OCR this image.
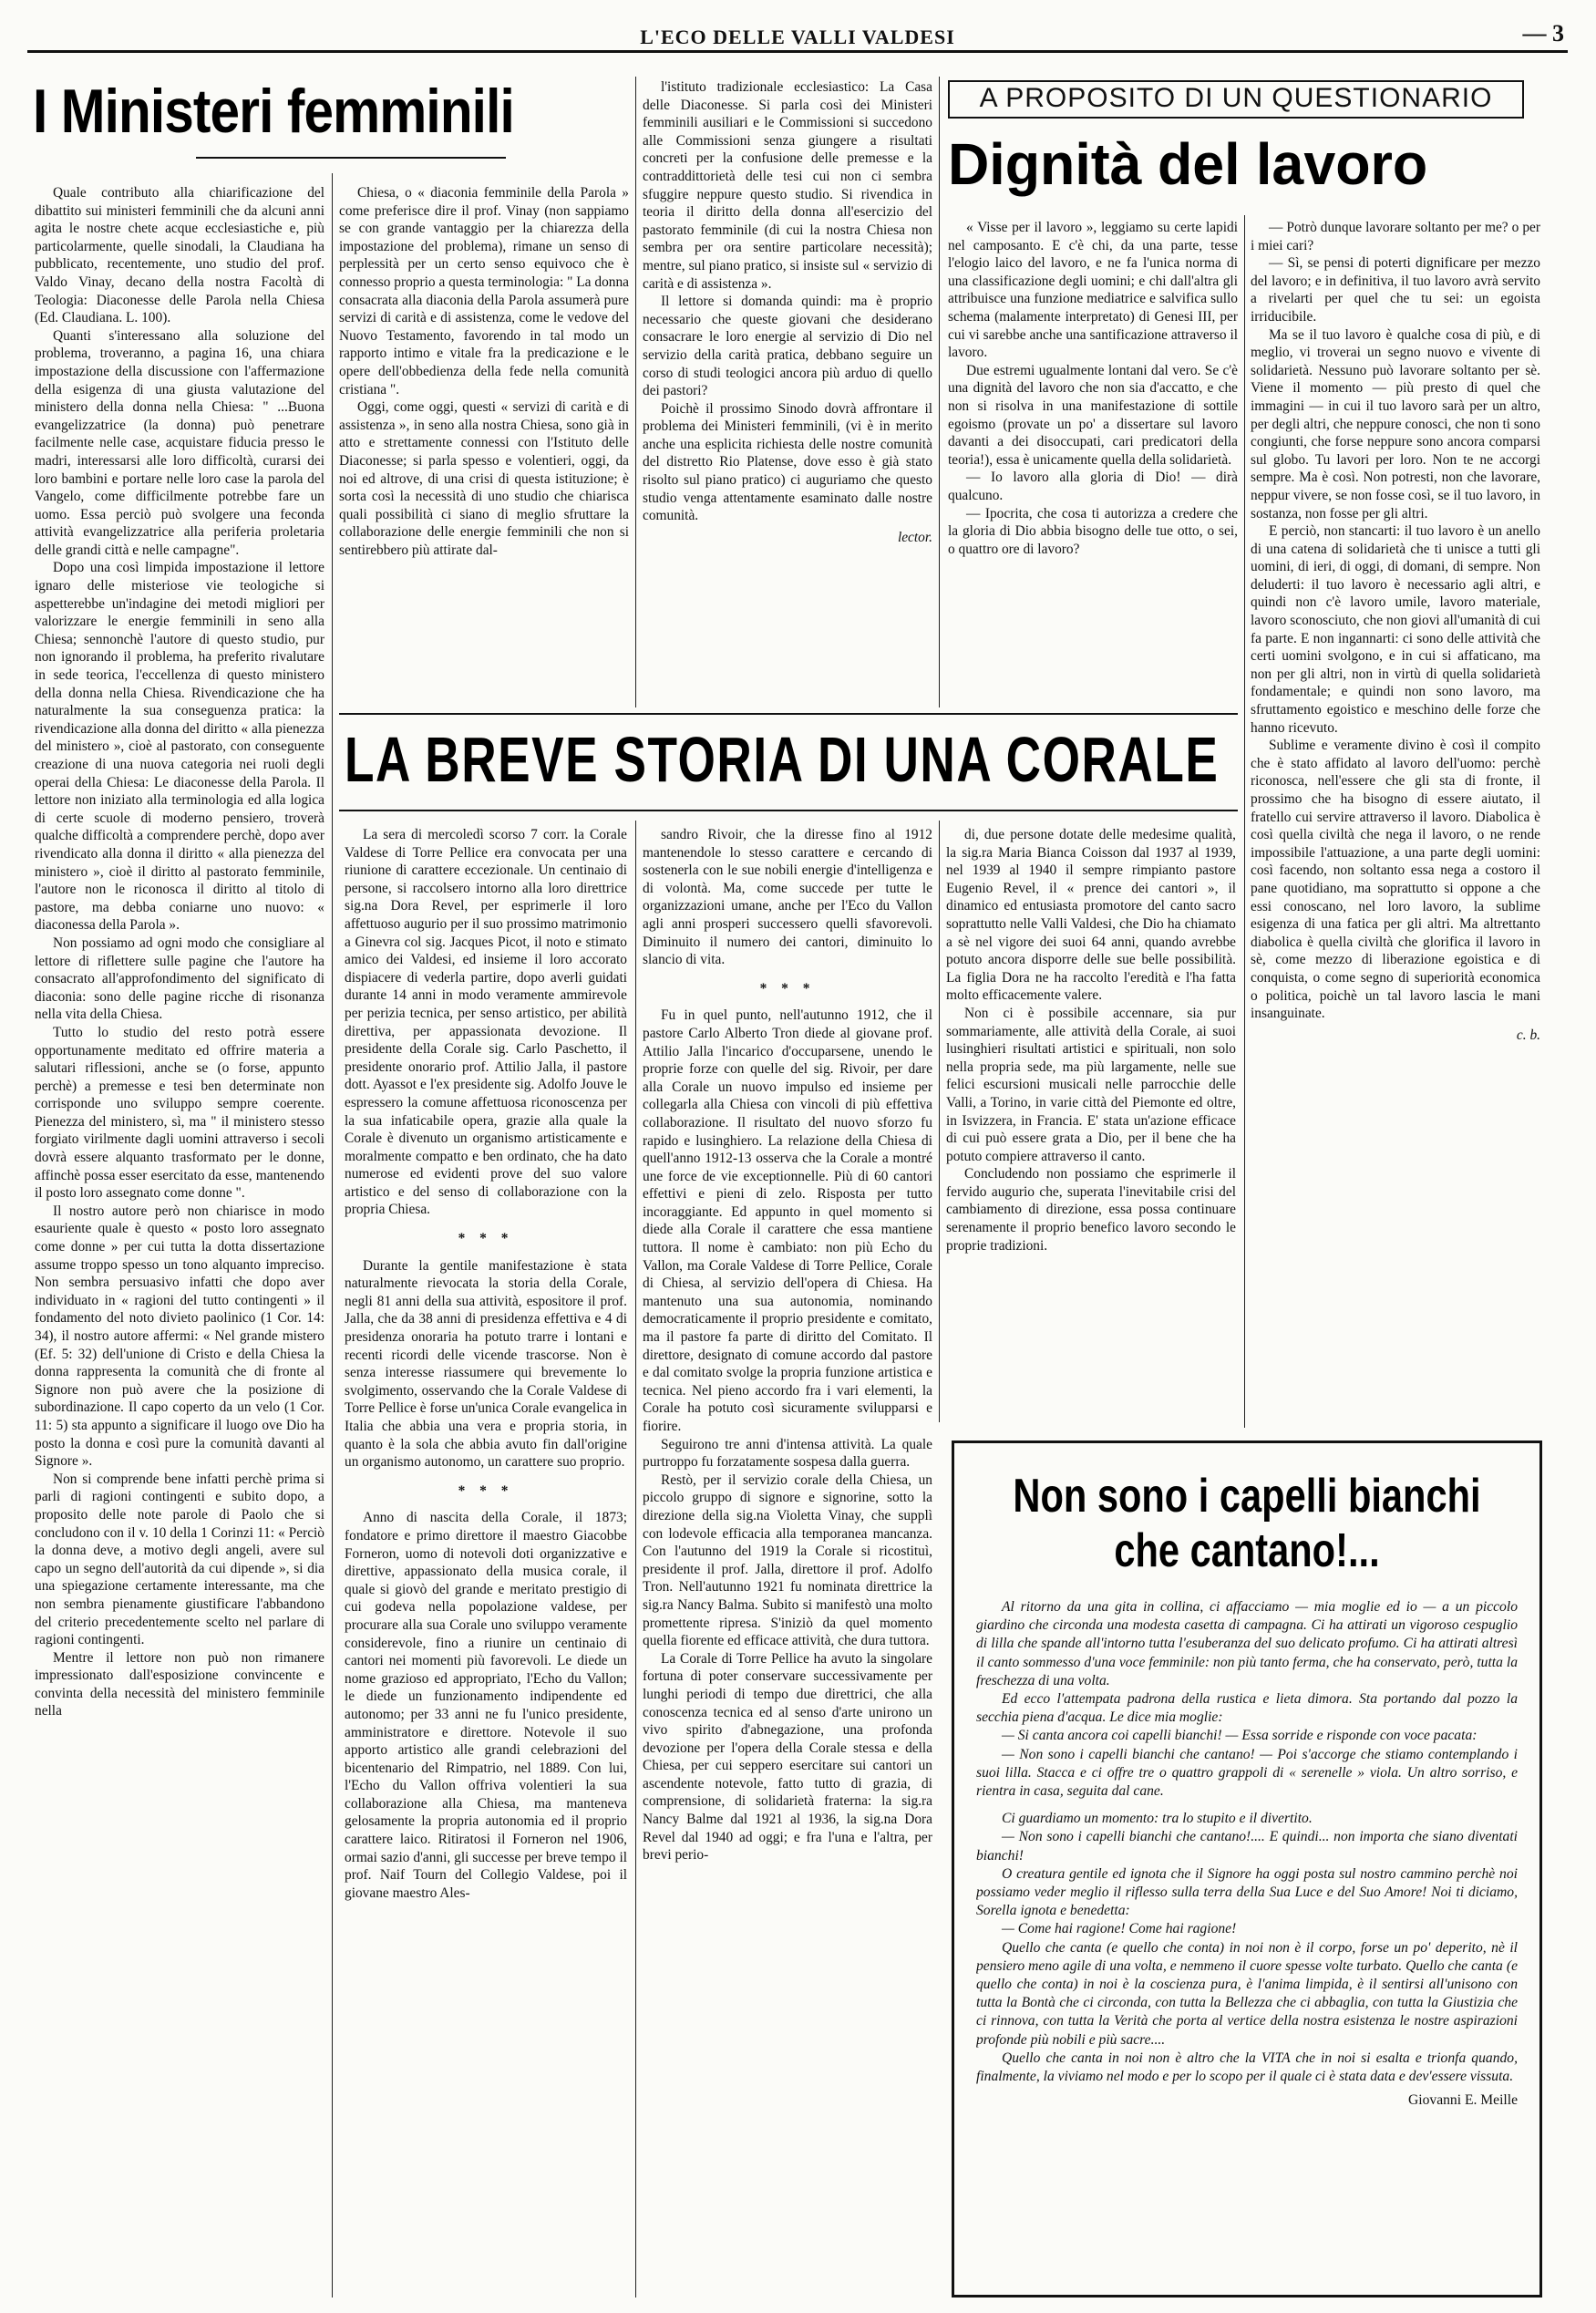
L'ECO DELLE VALLI VALDESI	— 3
I Ministeri femminili

Quale contributo alla chiarificazione del dibattito sui ministeri femminili che da alcuni anni agita le nostre chete acque ecclesiastiche e, più particolarmente, quelle sinodali, la Claudiana ha pubblicato, recentemente, uno studio del prof. Valdo Vinay, decano della nostra Facoltà di Teologia: Diaconesse delle Parola nella Chiesa (Ed. Claudiana. L. 100).

Quanti s'interessano alla soluzione del problema, troveranno, a pagina 16, una chiara impostazione della discussione con l'affermazione della esigenza di una giusta valutazione del ministero della donna nella Chiesa: " ...Buona evangelizzatrice (la donna) può penetrare facilmente nelle case, acquistare fiducia presso le madri, interessarsi alle loro difficoltà, curarsi dei loro bambini e portare nelle loro case la parola del Vangelo, come difficilmente potrebbe fare un uomo. Essa perciò può svolgere una feconda attività evangelizzatrice alla periferia proletaria delle grandi città e nelle campagne".

Dopo una così limpida impostazione il lettore ignaro delle misteriose vie teologiche si aspetterebbe un'indagine dei metodi migliori per valorizzare le energie femminili in seno alla Chiesa; sennonchè l'autore di questo studio, pur non ignorando il problema, ha preferito rivalutare in sede teorica, l'eccellenza di questo ministero della donna nella Chiesa. Rivendicazione che ha naturalmente la sua conseguenza pratica: la rivendicazione alla donna del diritto « alla pienezza del ministero », cioè al pastorato, con conseguente creazione di una nuova categoria nei ruoli degli operai della Chiesa: Le diaconesse della Parola. Il lettore non iniziato alla terminologia ed alla logica di certe scuole di moderno pensiero, troverà qualche difficoltà a comprendere perchè, dopo aver rivendicato alla donna il diritto « alla pienezza del ministero », cioè il diritto al pastorato femminile, l'autore non le riconosca il diritto al titolo di pastore, ma debba coniarne uno nuovo: « diaconessa della Parola ».

Non possiamo ad ogni modo che consigliare al lettore di riflettere sulle pagine che l'autore ha consacrato all'approfondimento del significato di diaconia: sono delle pagine ricche di risonanza nella vita della Chiesa.

Tutto lo studio del resto potrà essere opportunamente meditato ed offrire materia a salutari riflessioni, anche se (o forse, appunto perchè) a premesse e tesi ben determinate non corrisponde uno sviluppo sempre coerente. Pienezza del ministero, sì, ma " il ministero stesso forgiato virilmente dagli uomini attraverso i secoli dovrà essere alquanto trasformato per le donne, affinchè possa esser esercitato da esse, mantenendo il posto loro assegnato come donne ".

Il nostro autore però non chiarisce in modo esauriente quale è questo « posto loro assegnato come donne » per cui tutta la dotta dissertazione assume troppo spesso un tono alquanto impreciso. Non sembra persuasivo infatti che dopo aver individuato in « ragioni del tutto contingenti » il fondamento del noto divieto paolinico (1 Cor. 14: 34), il nostro autore affermi: « Nel grande mistero (Ef. 5: 32) dell'unione di Cristo e della Chiesa la donna rappresenta la comunità che di fronte al Signore non può avere che la posizione di subordinazione. Il capo coperto da un velo (1 Cor. 11: 5) sta appunto a significare il luogo ove Dio ha posto la donna e così pure la comunità davanti al Signore ».

Non si comprende bene infatti perchè prima si parli di ragioni contingenti e subito dopo, a proposito delle note parole di Paolo che si concludono con il v. 10 della 1 Corinzi 11: « Perciò la donna deve, a motivo degli angeli, avere sul capo un segno dell'autorità da cui dipende », si dia una spiegazione certamente interessante, ma che non sembra pienamente giustificare l'abbandono del criterio precedentemente scelto nel parlare di ragioni contingenti.

Mentre il lettore non può non rimanere impressionato dall'esposizione convincente e convinta della necessità del ministero femminile nella

Chiesa, o « diaconia femminile della Parola » come preferisce dire il prof. Vinay (non sappiamo se con grande vantaggio per la chiarezza della impostazione del problema), rimane un senso di perplessità per un certo senso equivoco che è connesso proprio a questa terminologia: " La donna consacrata alla diaconia della Parola assumerà pure servizi di carità e di assistenza, come le vedove del Nuovo Testamento, favorendo in tal modo un rapporto intimo e vitale fra la predicazione e le opere dell'obbedienza della fede nella comunità cristiana ".

Oggi, come oggi, questi « servizi di carità e di assistenza », in seno alla nostra Chiesa, sono già in atto e strettamente connessi con l'Istituto delle Diaconesse; si parla spesso e volentieri, oggi, da noi ed altrove, di una crisi di questa istituzione; è sorta così la necessità di uno studio che chiarisca quali possibilità ci siano di meglio sfruttare la collaborazione delle energie femminili che non si sentirebbero più attirate dal-

l'istituto tradizionale ecclesiastico: La Casa delle Diaconesse. Si parla così dei Ministeri femminili ausiliari e le Commissioni si succedono alle Commissioni senza giungere a risultati concreti per la confusione delle premesse e la contraddittorietà delle tesi cui non ci sembra sfuggire neppure questo studio. Si rivendica in teoria il diritto della donna all'esercizio del pastorato femminile (di cui la nostra Chiesa non sembra per ora sentire particolare necessità); mentre, sul piano pratico, si insiste sul « servizio di carità e di assistenza ».

Il lettore si domanda quindi: ma è proprio necessario che queste giovani che desiderano consacrare le loro energie al servizio di Dio nel servizio della carità pratica, debbano seguire un corso di studi teologici ancora più arduo di quello dei pastori?

Poichè il prossimo Sinodo dovrà affrontare il problema dei Ministeri femminili, (vi è in merito anche una esplicita richiesta delle nostre comunità del distretto Rio Platense, dove esso è già stato risolto sul piano pratico) ci auguriamo che questo studio venga attentamente esaminato dalle nostre comunità.

lector.

A PROPOSITO DI UN QUESTIONARIO
Dignità del lavoro

« Visse per il lavoro », leggiamo su certe lapidi nel camposanto. E c'è chi, da una parte, tesse l'elogio laico del lavoro, e ne fa l'unica norma di una classificazione degli uomini; e chi dall'altra gli attribuisce una funzione mediatrice e salvifica sullo schema (malamente interpretato) di Genesi III, per cui vi sarebbe anche una santificazione attraverso il lavoro.

Due estremi ugualmente lontani dal vero. Se c'è una dignità del lavoro che non sia d'accatto, e che non si risolva in una manifestazione di sottile egoismo (provate un po' a dissertare sul lavoro davanti a dei disoccupati, cari predicatori della teoria!), essa è unicamente quella della solidarietà.

— Io lavoro alla gloria di Dio! — dirà qualcuno.

— Ipocrita, che cosa ti autorizza a credere che la gloria di Dio abbia bisogno delle tue otto, o sei, o quattro ore di lavoro?

— Potrò dunque lavorare soltanto per me? o per i miei cari?

— Sì, se pensi di poterti dignificare per mezzo del lavoro; e in definitiva, il tuo lavoro avrà servito a rivelarti per quel che tu sei: un egoista irriducibile.

Ma se il tuo lavoro è qualche cosa di più, e di meglio, vi troverai un segno nuovo e vivente di solidarietà. Nessuno può lavorare soltanto per sè. Viene il momento — più presto di quel che immagini — in cui il tuo lavoro sarà per un altro, per degli altri, che neppure conosci, che non ti sono congiunti, che forse neppure sono ancora comparsi sul globo. Tu lavori per loro. Non te ne accorgi sempre. Ma è così. Non potresti, non che lavorare, neppur vivere, se non fosse così, se il tuo lavoro, in sostanza, non fosse per gli altri.

E perciò, non stancarti: il tuo lavoro è un anello di una catena di solidarietà che ti unisce a tutti gli uomini, di ieri, di oggi, di domani, di sempre. Non deluderti: il tuo lavoro è necessario agli altri, e quindi non c'è lavoro umile, lavoro materiale, lavoro sconosciuto, che non giovi all'umanità di cui fa parte. E non ingannarti: ci sono delle attività che certi uomini svolgono, e in cui si affaticano, ma non per gli altri, non in virtù di quella solidarietà fondamentale; e quindi non sono lavoro, ma sfruttamento egoistico e meschino delle forze che hanno ricevuto.

Sublime e veramente divino è così il compito che è stato affidato al lavoro dell'uomo: perchè riconosca, nell'essere che gli sta di fronte, il prossimo che ha bisogno di essere aiutato, il fratello cui servire attraverso il lavoro. Diabolica è così quella civiltà che nega il lavoro, o ne rende impossibile l'attuazione, a una parte degli uomini: così facendo, non soltanto essa nega a costoro il pane quotidiano, ma soprattutto si oppone a che essi conoscano, nel loro lavoro, la sublime esigenza di una fatica per gli altri. Ma altrettanto diabolica è quella civiltà che glorifica il lavoro in sè, come mezzo di liberazione egoistica e di conquista, o come segno di superiorità economica o politica, poichè un tal lavoro lascia le mani insanguinate.

c. b.

LA BREVE STORIA DI UNA CORALE

La sera di mercoledì scorso 7 corr. la Corale Valdese di Torre Pellice era convocata per una riunione di carattere eccezionale. Un centinaio di persone, si raccolsero intorno alla loro direttrice sig.na Dora Revel, per esprimerle il loro affettuoso augurio per il suo prossimo matrimonio a Ginevra col sig. Jacques Picot, il noto e stimato amico dei Valdesi, ed insieme il loro accorato dispiacere di vederla partire, dopo averli guidati durante 14 anni in modo veramente ammirevole per perizia tecnica, per senso artistico, per abilità direttiva, per appassionata devozione. Il presidente della Corale sig. Carlo Paschetto, il presidente onorario prof. Attilio Jalla, il pastore dott. Ayassot e l'ex presidente sig. Adolfo Jouve le espressero la comune affettuosa riconoscenza per la sua infaticabile opera, grazie alla quale la Corale è divenuto un organismo artisticamente e moralmente compatto e ben ordinato, che ha dato numerose ed evidenti prove del suo valore artistico e del senso di collaborazione con la propria Chiesa.

* * *

Durante la gentile manifestazione è stata naturalmente rievocata la storia della Corale, negli 81 anni della sua attività, espositore il prof. Jalla, che da 38 anni di presidenza effettiva e 4 di presidenza onoraria ha potuto trarre i lontani e recenti ricordi delle vicende trascorse. Non è senza interesse riassumere qui brevemente lo svolgimento, osservando che la Corale Valdese di Torre Pellice è forse un'unica Corale evangelica in Italia che abbia una vera e propria storia, in quanto è la sola che abbia avuto fin dall'origine un organismo autonomo, un carattere suo proprio.

* * *

Anno di nascita della Corale, il 1873; fondatore e primo direttore il maestro Giacobbe Forneron, uomo di notevoli doti organizzative e direttive, appassionato della musica corale, il quale si giovò del grande e meritato prestigio di cui godeva nella popolazione valdese, per procurare alla sua Corale uno sviluppo veramente considerevole, fino a riunire un centinaio di cantori nei momenti più favorevoli. Le diede un nome grazioso ed appropriato, l'Echo du Vallon; le diede un funzionamento indipendente ed autonomo; per 33 anni ne fu l'unico presidente, amministratore e direttore. Notevole il suo apporto artistico alle grandi celebrazioni del bicentenario del Rimpatrio, nel 1889. Con lui, l'Echo du Vallon offriva volentieri la sua collaborazione alla Chiesa, ma manteneva gelosamente la propria autonomia ed il proprio carattere laico. Ritiratosi il Forneron nel 1906, ormai sazio d'anni, gli successe per breve tempo il prof. Naif Tourn del Collegio Valdese, poi il giovane maestro Ales-

sandro Rivoir, che la diresse fino al 1912 mantenendole lo stesso carattere e cercando di sostenerla con le sue nobili energie d'intelligenza e di volontà. Ma, come succede per tutte le organizzazioni umane, anche per l'Eco du Vallon agli anni prosperi successero quelli sfavorevoli. Diminuito il numero dei cantori, diminuito lo slancio di vita.

* * *

Fu in quel punto, nell'autunno 1912, che il pastore Carlo Alberto Tron diede al giovane prof. Attilio Jalla l'incarico d'occuparsene, unendo le proprie forze con quelle del sig. Rivoir, per dare alla Corale un nuovo impulso ed insieme per collegarla alla Chiesa con vincoli di più effettiva collaborazione. Il risultato del nuovo sforzo fu rapido e lusinghiero. La relazione della Chiesa di quell'anno 1912-13 osserva che la Corale a montré une force de vie exceptionnelle. Più di 60 cantori effettivi e pieni di zelo. Risposta per tutto incoraggiante. Ed appunto in quel momento si diede alla Corale il carattere che essa mantiene tuttora. Il nome è cambiato: non più Echo du Vallon, ma Corale Valdese di Torre Pellice, Corale di Chiesa, al servizio dell'opera di Chiesa. Ha mantenuto una sua autonomia, nominando democraticamente il proprio presidente e comitato, ma il pastore fa parte di diritto del Comitato. Il direttore, designato di comune accordo dal pastore e dal comitato svolge la propria funzione artistica e tecnica. Nel pieno accordo fra i vari elementi, la Corale ha potuto così sicuramente svilupparsi e fiorire.

Seguirono tre anni d'intensa attività. La quale purtroppo fu forzatamente sospesa dalla guerra.

Restò, per il servizio corale della Chiesa, un piccolo gruppo di signore e signorine, sotto la direzione della sig.na Violetta Vinay, che supplì con lodevole efficacia alla temporanea mancanza. Con l'autunno del 1919 la Corale si ricostituì, presidente il prof. Jalla, direttore il prof. Adolfo Tron. Nell'autunno 1921 fu nominata direttrice la sig.ra Nancy Balma. Subito si manifestò una molto promettente ripresa. S'iniziò da quel momento quella fiorente ed efficace attività, che dura tuttora.

La Corale di Torre Pellice ha avuto la singolare fortuna di poter conservare successivamente per lunghi periodi di tempo due direttrici, che alla conoscenza tecnica ed al senso d'arte unirono un vivo spirito d'abnegazione, una profonda devozione per l'opera della Corale stessa e della Chiesa, per cui seppero esercitare sui cantori un ascendente notevole, fatto tutto di grazia, di comprensione, di solidarietà fraterna: la sig.ra Nancy Balme dal 1921 al 1936, la sig.na Dora Revel dal 1940 ad oggi; e fra l'una e l'altra, per brevi perio-

di, due persone dotate delle medesime qualità, la sig.ra Maria Bianca Coisson dal 1937 al 1939, nel 1939 al 1940 il sempre rimpianto pastore Eugenio Revel, il « prence dei cantori », il dinamico ed entusiasta promotore del canto sacro soprattutto nelle Valli Valdesi, che Dio ha chiamato a sè nel vigore dei suoi 64 anni, quando avrebbe potuto ancora disporre delle sue belle possibilità. La figlia Dora ne ha raccolto l'eredità e l'ha fatta molto efficacemente valere.

Non ci è possibile accennare, sia pur sommariamente, alle attività della Corale, ai suoi lusinghieri risultati artistici e spirituali, non solo nella propria sede, ma più largamente, nelle sue felici escursioni musicali nelle parrocchie delle Valli, a Torino, in varie città del Piemonte ed oltre, in Isvizzera, in Francia. E' stata un'azione efficace di cui può essere grata a Dio, per il bene che ha potuto compiere attraverso il canto.

Concludendo non possiamo che esprimerle il fervido augurio che, superata l'inevitabile crisi del cambiamento di direzione, essa possa continuare serenamente il proprio benefico lavoro secondo le proprie tradizioni.

Non sono i capelli bianchi
che cantano!...

Al ritorno da una gita in collina, ci affacciamo — mia moglie ed io — a un piccolo giardino che circonda una modesta casetta di campagna. Ci ha attirati un vigoroso cespuglio di lilla che spande all'intorno tutta l'esuberanza del suo delicato profumo. Ci ha attirati altresì il canto sommesso d'una voce femminile: non più tanto ferma, che ha conservato, però, tutta la freschezza di una volta.

Ed ecco l'attempata padrona della rustica e lieta dimora. Sta portando dal pozzo la secchia piena d'acqua. Le dice mia moglie:

— Si canta ancora coi capelli bianchi! — Essa sorride e risponde con voce pacata:

— Non sono i capelli bianchi che cantano! — Poi s'accorge che stiamo contemplando i suoi lilla. Stacca e ci offre tre o quattro grappoli di « serenelle » viola. Un altro sorriso, e rientra in casa, seguita dal cane.

Ci guardiamo un momento: tra lo stupito e il divertito.

— Non sono i capelli bianchi che cantano!.... E quindi... non importa che siano diventati bianchi!

O creatura gentile ed ignota che il Signore ha oggi posta sul nostro cammino perchè noi possiamo veder meglio il riflesso sulla terra della Sua Luce e del Suo Amore! Noi ti diciamo, Sorella ignota e benedetta:

— Come hai ragione! Come hai ragione!

Quello che canta (e quello che conta) in noi non è il corpo, forse un po' deperito, nè il pensiero meno agile di una volta, e nemmeno il cuore spesse volte turbato. Quello che canta (e quello che conta) in noi è la coscienza pura, è l'anima limpida, è il sentirsi all'unisono con tutta la Bontà che ci circonda, con tutta la Bellezza che ci abbaglia, con tutta la Giustizia che ci rinnova, con tutta la Verità che porta al vertice della nostra esistenza le nostre aspirazioni profonde più nobili e più sacre....

Quello che canta in noi non è altro che la VITA che in noi si esalta e trionfa quando, finalmente, la viviamo nel modo e per lo scopo per il quale ci è stata data e dev'essere vissuta.

Giovanni E. Meille
